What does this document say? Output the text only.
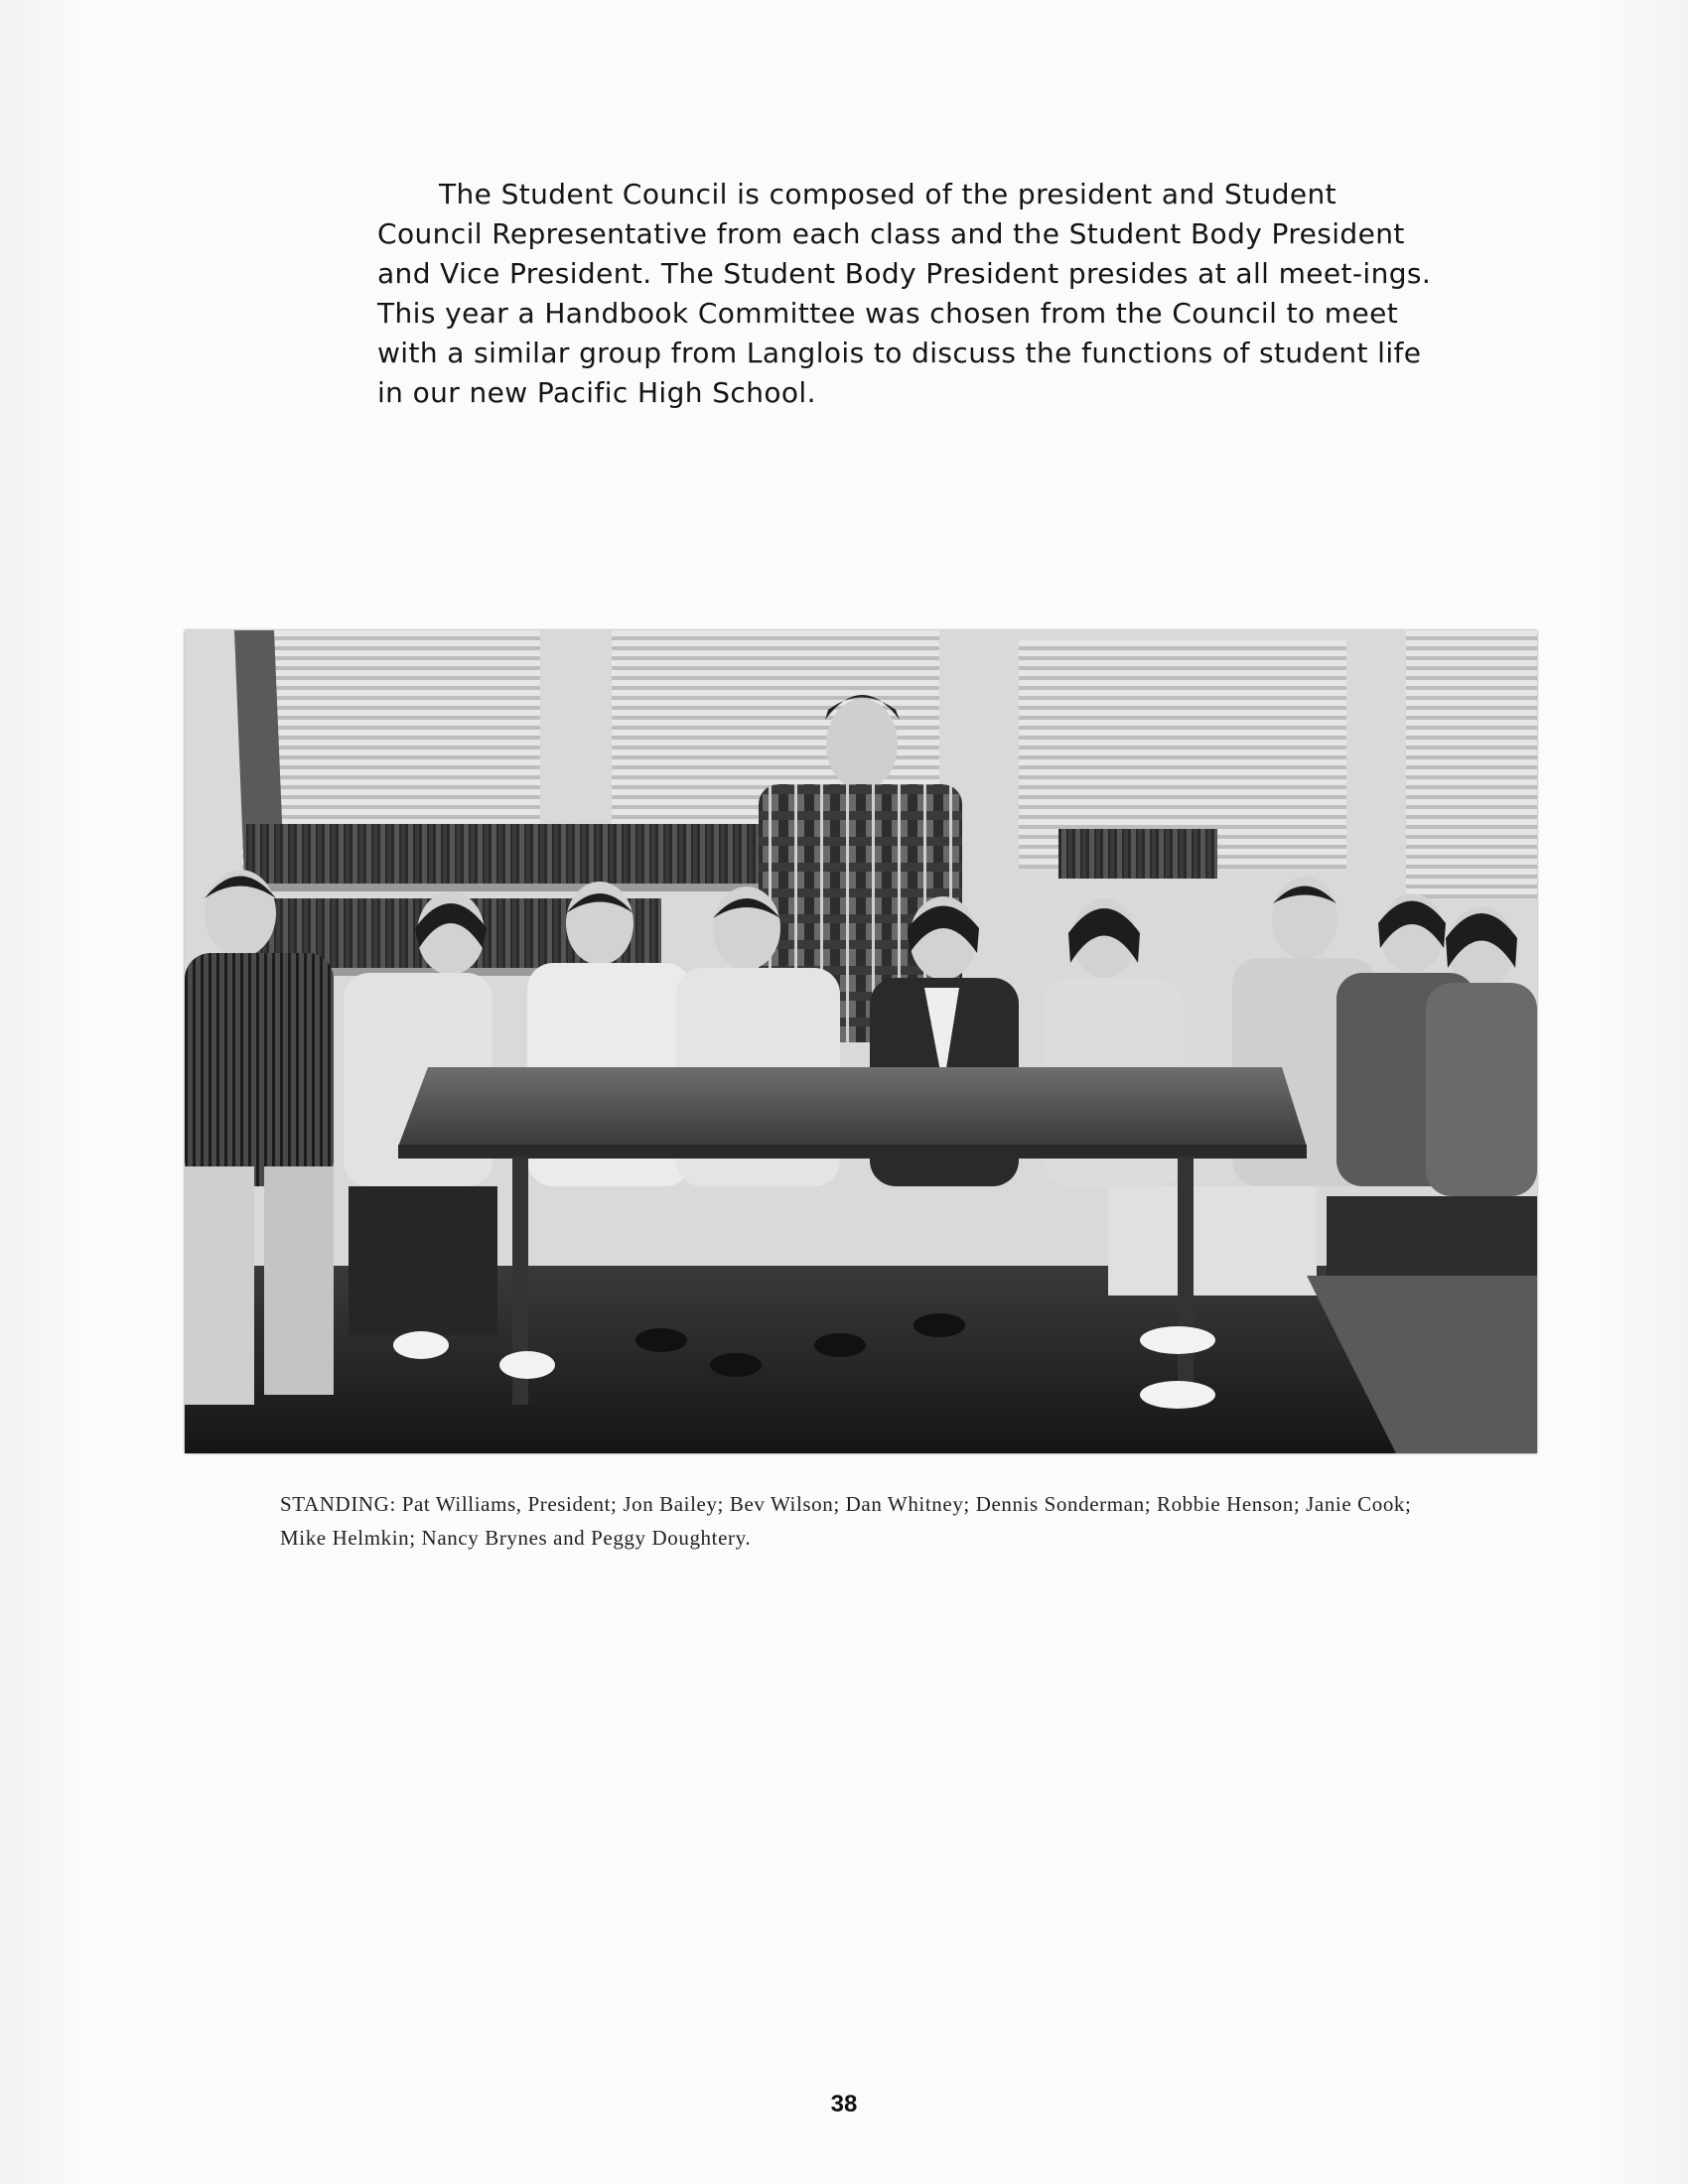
The Student Council is composed of the president and Student Council Representative from each class and the Student Body President and Vice President. The Student Body President presides at all meet-ings. This year a Handbook Committee was chosen from the Council to meet with a similar group from Langlois to discuss the functions of student life in our new Pacific High School.

STANDING: Pat Williams, President; Jon Bailey; Bev Wilson; Dan Whitney; Dennis Sonderman; Robbie Henson; Janie Cook; Mike Helmkin; Nancy Brynes and Peggy Doughtery.

38
